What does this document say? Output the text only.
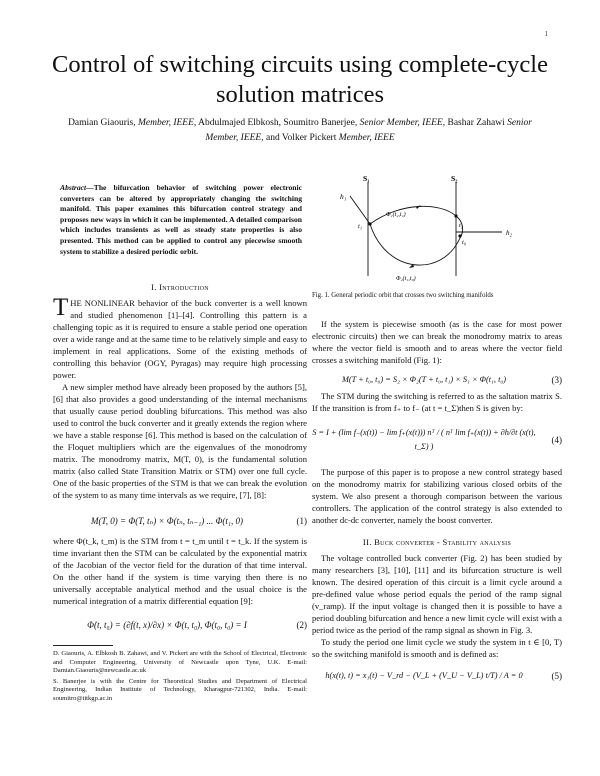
1
Control of switching circuits using complete-cycle solution matrices
Damian Giaouris, Member, IEEE, Abdulmajed Elbkosh, Soumitro Banerjee, Senior Member, IEEE, Bashar Zahawi Senior Member, IEEE, and Volker Pickert Member, IEEE
Abstract—The bifurcation behavior of switching power electronic converters can be altered by appropriately changing the switching manifold. This paper examines this bifurcation control strategy and proposes new ways in which it can be implemented. A detailed comparison which includes transients as well as steady state properties is also presented. This method can be applied to control any piecewise smooth system to stabilize a desired periodic orbit.
I. Introduction

THE NONLINEAR behavior of the buck converter is a well known and studied phenomenon [1]–[4]. Controlling this pattern is a challenging topic as it is required to ensure a stable period one operation over a wide range and at the same time to be relatively simple and easy to implement in real applications. Some of the existing methods of controlling this behavior (OGY, Pyragas) may require high processing power.

A new simpler method have already been proposed by the authors [5], [6] that also provides a good understanding of the internal mechanisms that usually cause period doubling bifurcations. This method was also used to control the buck converter and it greatly extends the region where we have a stable response [6]. This method is based on the calculation of the Floquet multipliers which are the eigenvalues of the monodromy matrix. The monodromy matrix, M(T, 0), is the fundamental solution matrix (also called State Transition Matrix or STM) over one full cycle. One of the basic properties of the STM is that we can break the evolution of the system to as many time intervals as we require, [7], [8]:

M(T, 0) = Φ(T, tₙ) × Φ(tₙ, tₙ₋₁) ... Φ(t₁, 0)	(1)

where Φ(t_k, t_m) is the STM from t = t_m until t = t_k. If the system is time invariant then the STM can be calculated by the exponential matrix of the Jacobian of the vector field for the duration of that time interval. On the other hand if the system is time varying then there is no universally acceptable analytical method and the usual choice is the numerical integration of a matrix differential equation [9]:

Φ̇(t, t₀) = (∂f(t, x)/∂x) × Φ(t, t₀), Φ(t₀, t₀) = I	(2)
D. Giaouris, A. Elbkosh B. Zahawi, and V. Pickert are with the School of Electrical, Electronic and Computer Engineering, University of Newcastle upon Tyne, U.K. E-mail: Damian.Giaouris@newcastle.ac.uk
S. Banerjee is with the Centre for Theoretical Studies and Department of Electrical Engineering, Indian Institute of Technology, Kharagpur-721302, India. E-mail: soumitro@iitkgp.ac.in
S₁	S₂
h₁
h₂
t₁	t₂
t₀
Φ₁(t₂,t₁)
Φ₂(t₁,t₀)
Fig. 1. General periodic orbit that crosses two switching manifolds

If the system is piecewise smooth (as is the case for most power electronic circuits) then we can break the monodromy matrix to areas where the vector field is smooth and to areas where the vector field crosses a switching manifold (Fig. 1):

M(T + t₀, t₀) = S₂ × Φ₂(T + t₀, t₁) × S₁ × Φ(t₁, t₀)	(3)

The STM during the switching is referred to as the saltation matrix S. If the transition is from f₊ to f₋ (at t = t_Σ)then S is given by:

S = I + (lim f₋(x(t)) − lim f₊(x(t))) nᵀ / ( nᵀ lim f₊(x(t)) + ∂h/∂t (x(t), t_Σ) )
(4)

The purpose of this paper is to propose a new control strategy based on the monodromy matrix for stabilizing various closed orbits of the system. We also present a thorough comparison between the various controllers. The application of the control strategy is also extended to another dc-dc converter, namely the boost converter.

II. Buck converter - Stability analysis

The voltage controlled buck converter (Fig. 2) has been studied by many researchers [3], [10], [11] and its bifurcation structure is well known. The desired operation of this circuit is a limit cycle around a pre-defined value whose period equals the period of the ramp signal (v_ramp). If the input voltage is changed then it is possible to have a period doubling bifurcation and hence a new limit cycle will exist with a period twice as the period of the ramp signal as shown in Fig. 3.

To study the period one limit cycle we study the system in t ∈ [0, T) so the switching manifold is smooth and is defined as:

h(x(t), t) = x₁(t) − V_rd − (V_L + (V_U − V_L) t/T) / A = 0	(5)
